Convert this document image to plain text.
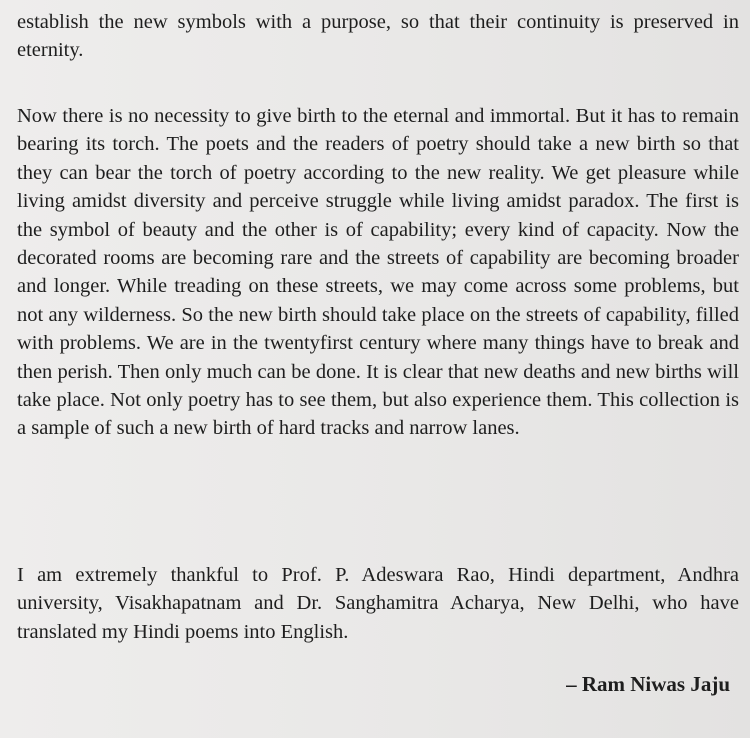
establish the new symbols with a purpose, so that their continuity is preserved in eternity.

Now there is no necessity to give birth to the eternal and immortal. But it has to remain bearing its torch. The poets and the readers of poetry should take a new birth so that they can bear the torch of poetry according to the new reality. We get pleasure while living amidst diversity and perceive struggle while living amidst paradox. The first is the symbol of beauty and the other is of capability; every kind of capacity. Now the decorated rooms are becoming rare and the streets of capability are becoming broader and longer. While treading on these streets, we may come across some problems, but not any wilderness. So the new birth should take place on the streets of capability, filled with problems. We are in the twentyfirst century where many things have to break and then perish. Then only much can be done. It is clear that new deaths and new births will take place. Not only poetry has to see them, but also experience them. This collection is a sample of such a new birth of hard tracks and narrow lanes.

I am extremely thankful to Prof. P. Adeswara Rao, Hindi department, Andhra university, Visakhapatnam and Dr. Sanghamitra Acharya, New Delhi, who have translated my Hindi poems into English.

– Ram Niwas Jaju
